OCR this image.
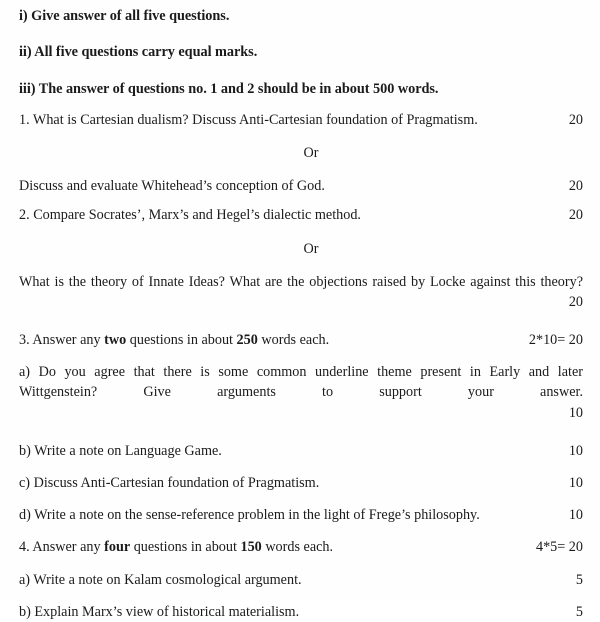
i) Give answer of all five questions.
ii) All five questions carry equal marks.
iii) The answer of questions no. 1 and 2 should be in about 500 words.
1. What is Cartesian dualism? Discuss Anti-Cartesian foundation of Pragmatism.	20
Or
Discuss and evaluate Whitehead’s conception of God.	20
2. Compare Socrates’, Marx’s and Hegel’s dialectic method.	20
Or
What is the theory of Innate Ideas? What are the objections raised by Locke against this theory?
20
3. Answer any two questions in about 250 words each.	2*10= 20
a) Do you agree that there is some common underline theme present in Early and later Wittgenstein? Give arguments to support your answer.
10
b) Write a note on Language Game.	10
c) Discuss Anti-Cartesian foundation of Pragmatism.	10
d) Write a note on the sense-reference problem in the light of Frege’s philosophy.	10
4. Answer any four questions in about 150 words each.	4*5= 20
a) Write a note on Kalam cosmological argument.	5
b) Explain Marx’s view of historical materialism.	5
